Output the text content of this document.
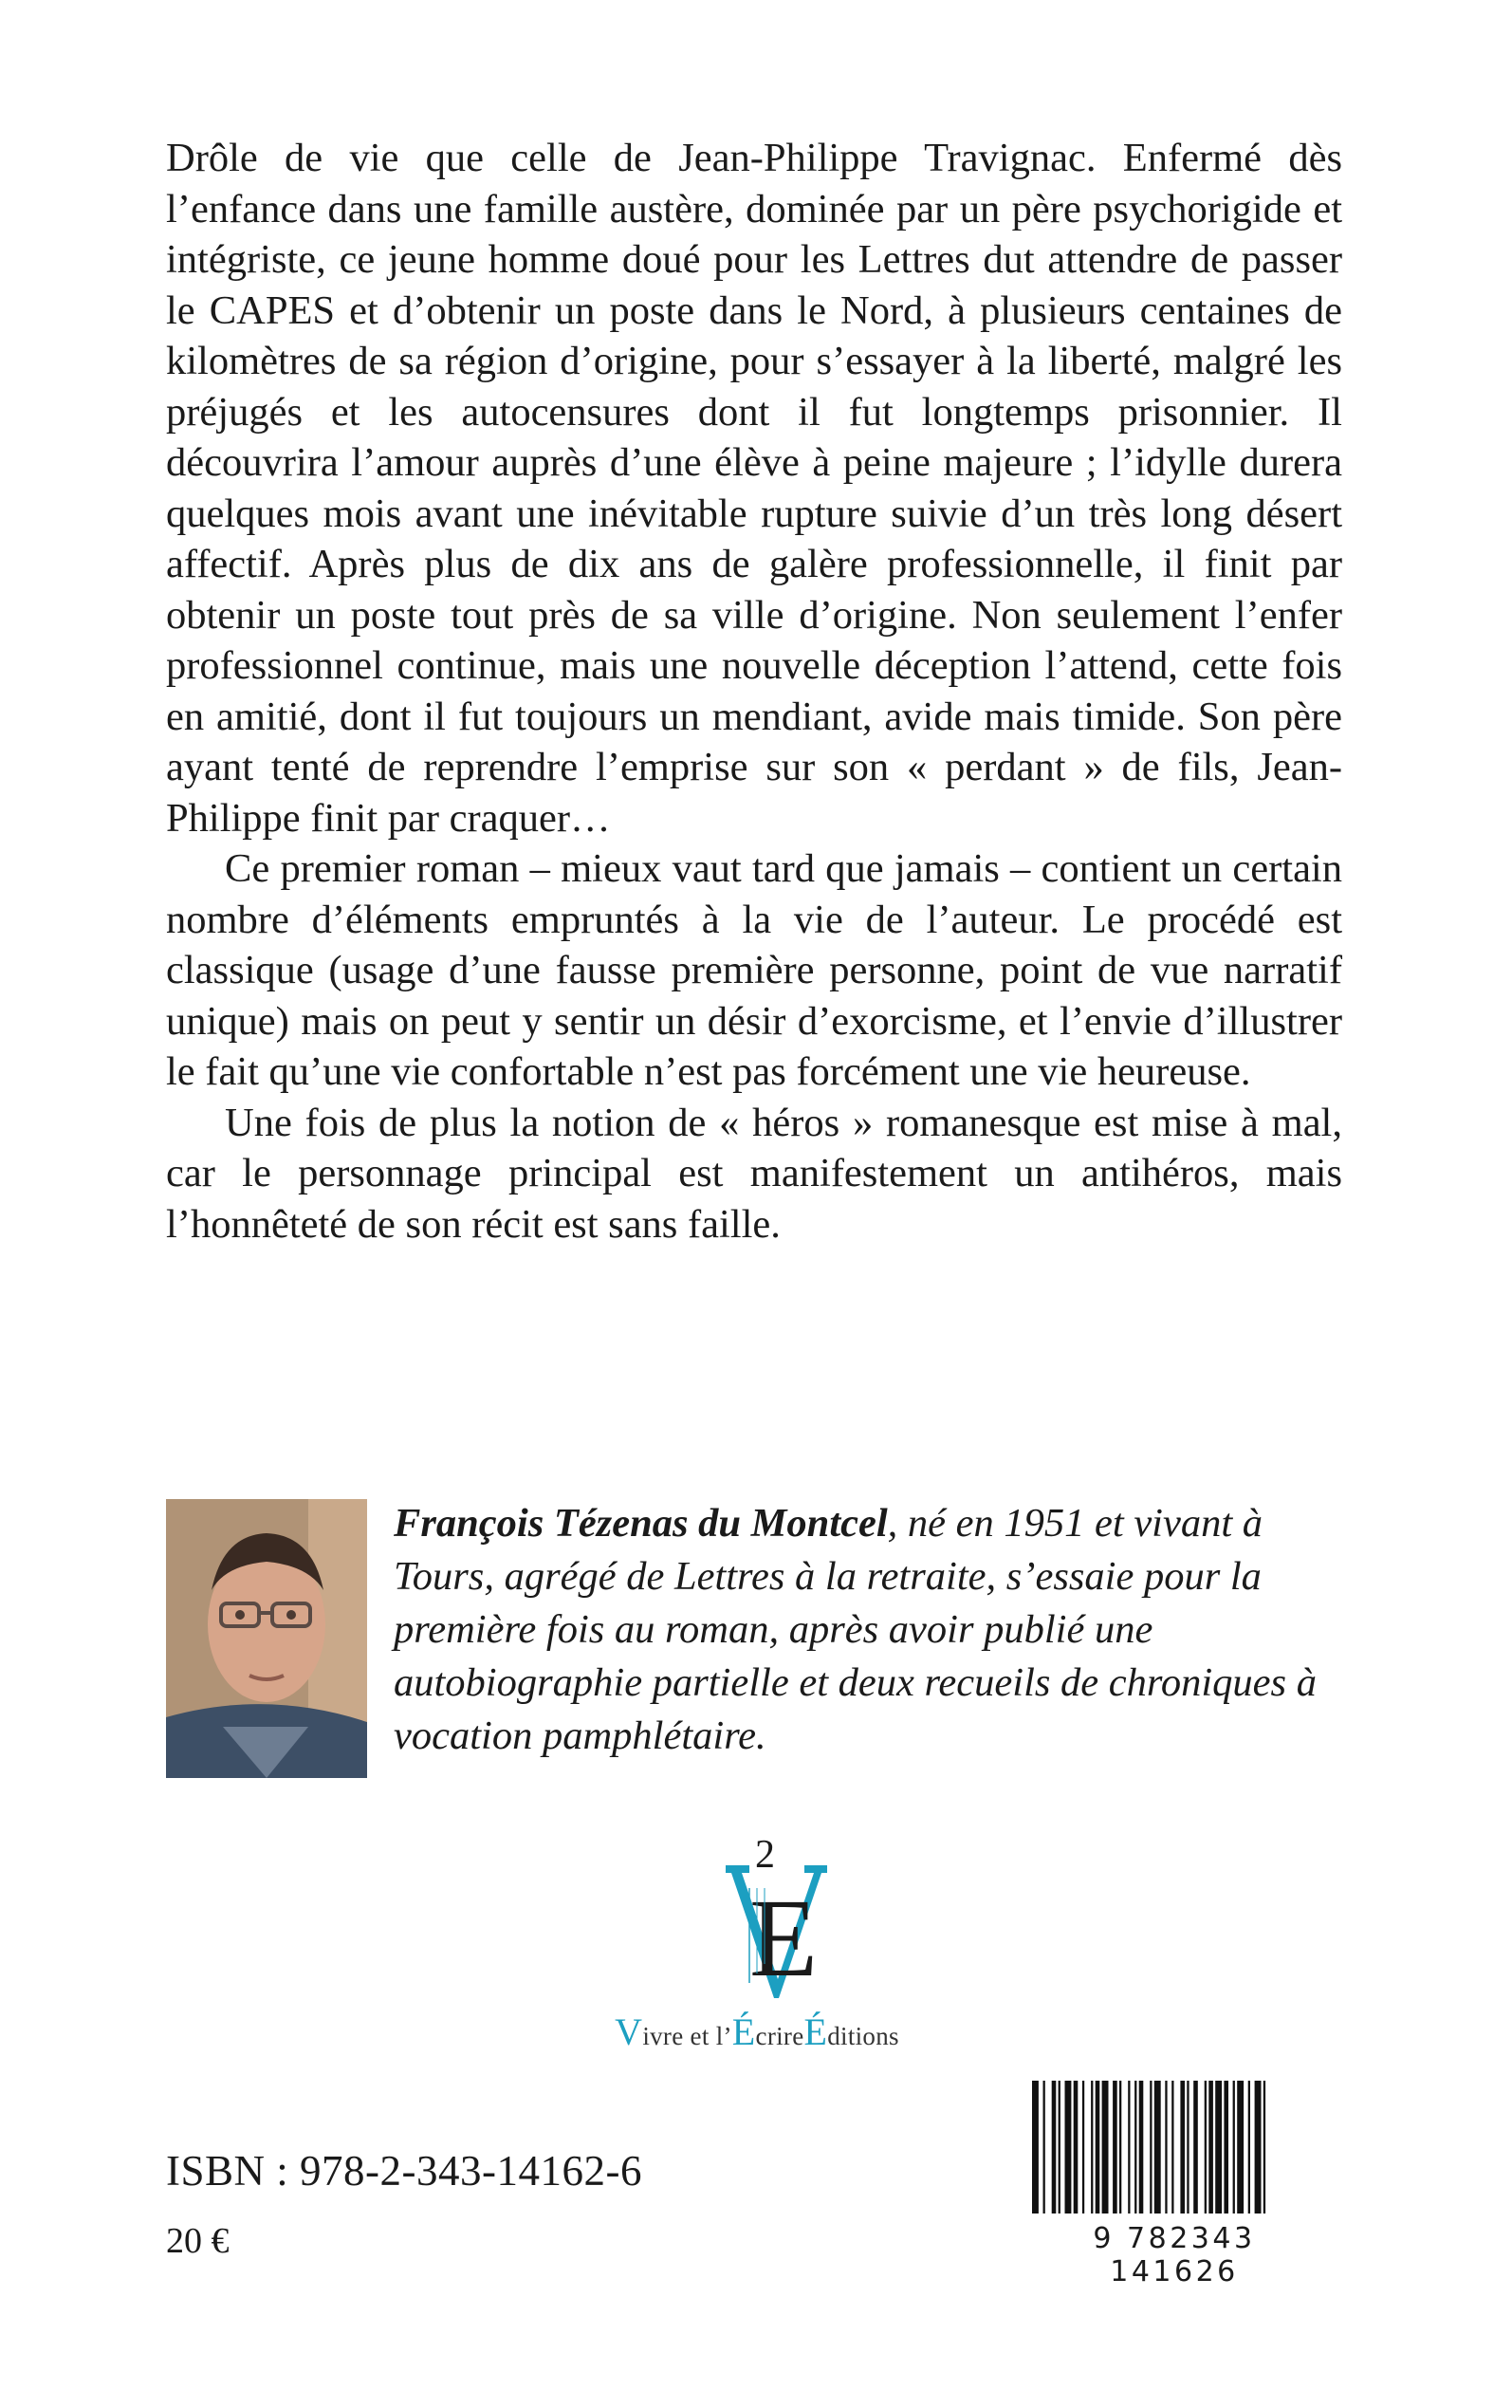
Drôle de vie que celle de Jean-Philippe Travignac. Enfermé dès l’enfance dans une famille austère, dominée par un père psychorigide et intégriste, ce jeune homme doué pour les Lettres dut attendre de passer le CAPES et d’obtenir un poste dans le Nord, à plusieurs centaines de kilomètres de sa région d’origine, pour s’essayer à la liberté, malgré les préjugés et les autocensures dont il fut longtemps prisonnier. Il découvrira l’amour auprès d’une élève à peine majeure ; l’idylle durera quelques mois avant une inévitable rupture suivie d’un très long désert affectif. Après plus de dix ans de galère professionnelle, il finit par obtenir un poste tout près de sa ville d’origine. Non seulement l’enfer professionnel continue, mais une nouvelle déception l’attend, cette fois en amitié, dont il fut toujours un mendiant, avide mais timide. Son père ayant tenté de reprendre l’emprise sur son « perdant » de fils, Jean-Philippe finit par craquer…

Ce premier roman – mieux vaut tard que jamais – contient un certain nombre d’éléments empruntés à la vie de l’auteur. Le procédé est classique (usage d’une fausse première personne, point de vue narratif unique) mais on peut y sentir un désir d’exorcisme, et l’envie d’illustrer le fait qu’une vie confortable n’est pas forcément une vie heureuse.

Une fois de plus la notion de « héros » romanesque est mise à mal, car le personnage principal est manifestement un antihéros, mais l’honnêteté de son récit est sans faille.

François Tézenas du Montcel, né en 1951 et vivant à Tours, agrégé de Lettres à la retraite, s’essaie pour la première fois au roman, après avoir publié une autobiographie partielle et deux recueils de chroniques à vocation pamphlétaire.

2
E
V
Vivre et l’ÉcrireÉditions

ISBN : 978-2-343-14162-6

20 €	9 782343 141626
